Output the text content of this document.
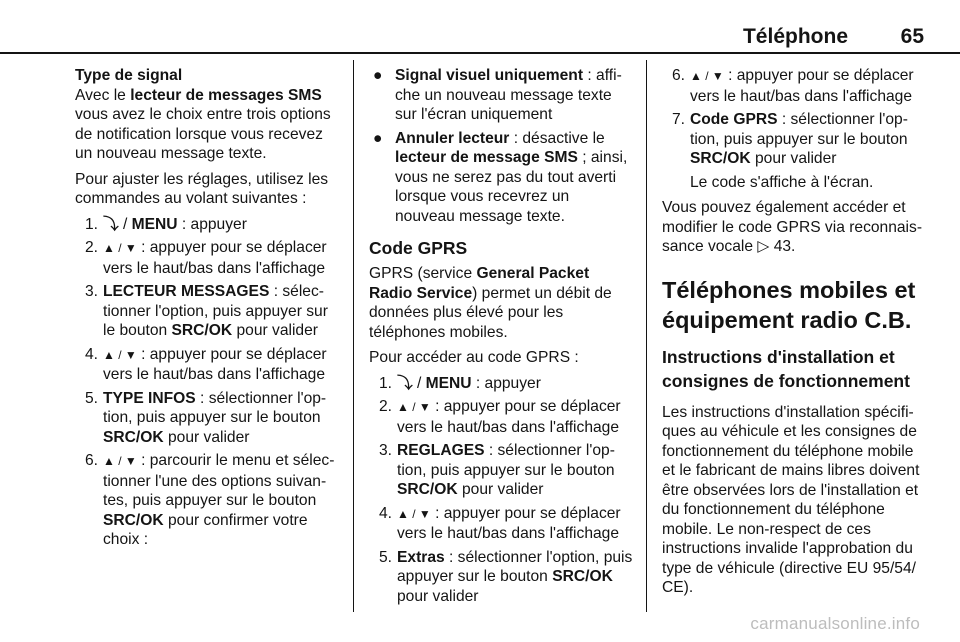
Téléphone	65

Type de signal

Avec le lecteur de messages SMS vous avez le choix entre trois options de notification lorsque vous recevez un nouveau message texte.

Pour ajuster les réglages, utilisez les commandes au volant suivantes :

1. ⤵ / MENU : appuyer
2. ▲ / ▼ : appuyer pour se déplacer vers le haut/bas dans l'affichage
3. LECTEUR MESSAGES : sélectionner l'option, puis appuyer sur le bouton SRC/OK pour valider
4. ▲ / ▼ : appuyer pour se déplacer vers le haut/bas dans l'affichage
5. TYPE INFOS : sélectionner l'option, puis appuyer sur le bouton SRC/OK pour valider
6. ▲ / ▼ : parcourir le menu et sélectionner l'une des options suivantes, puis appuyer sur le bouton SRC/OK pour confirmer votre choix :
● Signal visuel uniquement : affiche un nouveau message texte sur l'écran uniquement
● Annuler lecteur : désactive le lecteur de message SMS ; ainsi, vous ne serez pas du tout averti lorsque vous recevrez un nouveau message texte.
Code GPRS

GPRS (service General Packet Radio Service) permet un débit de données plus élevé pour les téléphones mobiles.

Pour accéder au code GPRS :

1. ⤵ / MENU : appuyer
2. ▲ / ▼ : appuyer pour se déplacer vers le haut/bas dans l'affichage
3. REGLAGES : sélectionner l'option, puis appuyer sur le bouton SRC/OK pour valider
4. ▲ / ▼ : appuyer pour se déplacer vers le haut/bas dans l'affichage
5. Extras : sélectionner l'option, puis appuyer sur le bouton SRC/OK pour valider
6. ▲ / ▼ : appuyer pour se déplacer vers le haut/bas dans l'affichage
7. Code GPRS : sélectionner l'option, puis appuyer sur le bouton SRC/OK pour valider

Le code s'affiche à l'écran.

Vous pouvez également accéder et modifier le code GPRS via reconnaissance vocale ▷ 43.

Téléphones mobiles et équipement radio C.B.
Instructions d'installation et consignes de fonctionnement

Les instructions d'installation spécifiques au véhicule et les consignes de fonctionnement du téléphone mobile et le fabricant de mains libres doivent être observées lors de l'installation et du fonctionnement du téléphone mobile. Le non-respect de ces instructions invalide l'approbation du type de véhicule (directive EU 95/54/ CE).

carmanualsonline.info
